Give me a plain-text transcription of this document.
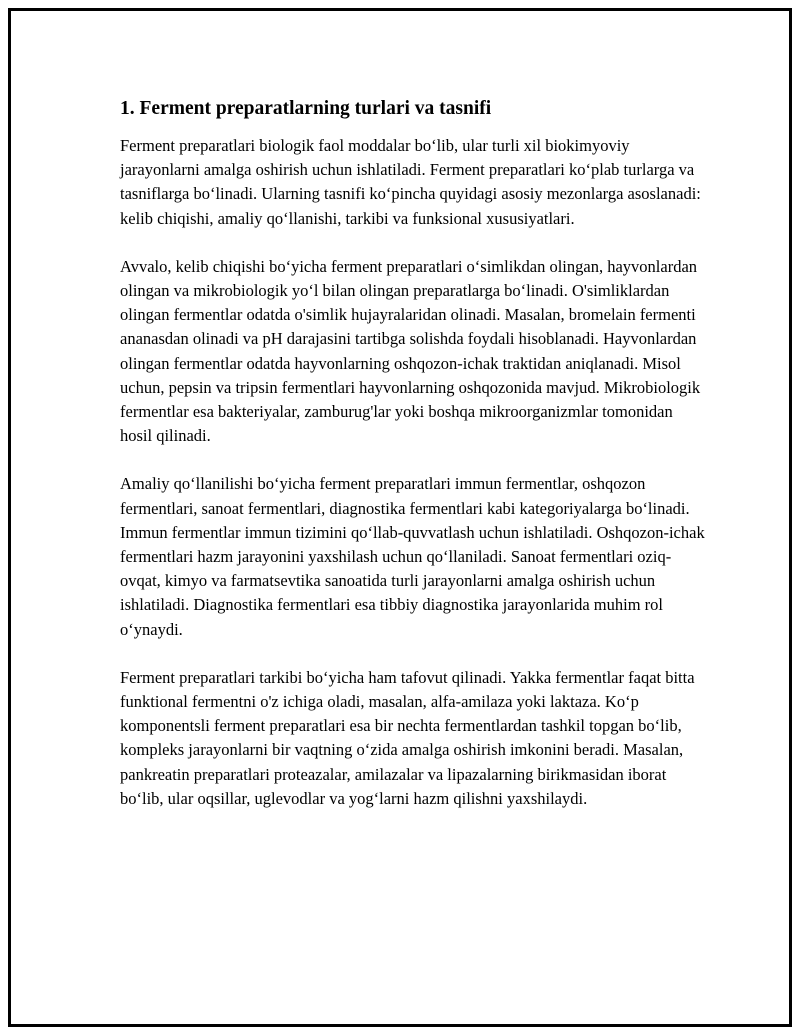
1. Ferment preparatlarning turlari va tasnifi

Ferment preparatlari biologik faol moddalar bo‘lib, ular turli xil biokimyoviy jarayonlarni amalga oshirish uchun ishlatiladi. Ferment preparatlari ko‘plab turlarga va tasniflarga bo‘linadi. Ularning tasnifi ko‘pincha quyidagi asosiy mezonlarga asoslanadi: kelib chiqishi, amaliy qo‘llanishi, tarkibi va funksional xususiyatlari.

Avvalo, kelib chiqishi bo‘yicha ferment preparatlari o‘simlikdan olingan, hayvonlardan olingan va mikrobiologik yo‘l bilan olingan preparatlarga bo‘linadi. O'simliklardan olingan fermentlar odatda o'simlik hujayralaridan olinadi. Masalan, bromelain fermenti ananasdan olinadi va pH darajasini tartibga solishda foydali hisoblanadi. Hayvonlardan olingan fermentlar odatda hayvonlarning oshqozon-ichak traktidan aniqlanadi. Misol uchun, pepsin va tripsin fermentlari hayvonlarning oshqozonida mavjud. Mikrobiologik fermentlar esa bakteriyalar, zamburug'lar yoki boshqa mikroorganizmlar tomonidan hosil qilinadi.

Amaliy qo‘llanilishi bo‘yicha ferment preparatlari immun fermentlar, oshqozon fermentlari, sanoat fermentlari, diagnostika fermentlari kabi kategoriyalarga bo‘linadi. Immun fermentlar immun tizimini qo‘llab-quvvatlash uchun ishlatiladi. Oshqozon-ichak fermentlari hazm jarayonini yaxshilash uchun qo‘llaniladi. Sanoat fermentlari oziq-ovqat, kimyo va farmatsevtika sanoatida turli jarayonlarni amalga oshirish uchun ishlatiladi. Diagnostika fermentlari esa tibbiy diagnostika jarayonlarida muhim rol o‘ynaydi.

Ferment preparatlari tarkibi bo‘yicha ham tafovut qilinadi. Yakka fermentlar faqat bitta funktional fermentni o'z ichiga oladi, masalan, alfa-amilaza yoki laktaza. Ko‘p komponentsli ferment preparatlari esa bir nechta fermentlardan tashkil topgan bo‘lib, kompleks jarayonlarni bir vaqtning o‘zida amalga oshirish imkonini beradi. Masalan, pankreatin preparatlari proteazalar, amilazalar va lipazalarning birikmasidan iborat bo‘lib, ular oqsillar, uglevodlar va yog‘larni hazm qilishni yaxshilaydi.
